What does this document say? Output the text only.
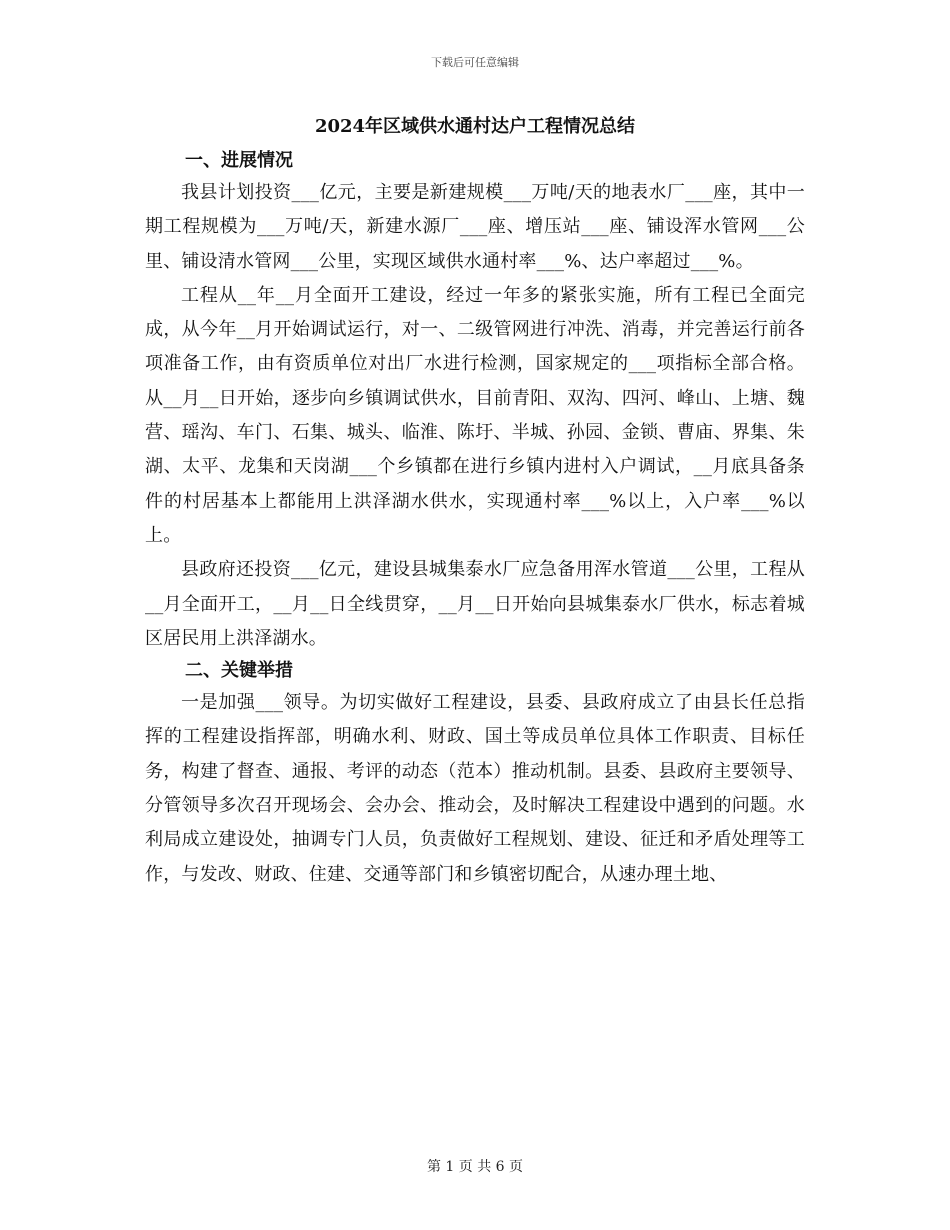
下载后可任意编辑
2024年区域供水通村达户工程情况总结
一、进展情况

我县计划投资___亿元，主要是新建规模___万吨/天的地表水厂___座，其中一期工程规模为___万吨/天，新建水源厂___座、增压站___座、铺设浑水管网___公里、铺设清水管网___公里，实现区域供水通村率___%、达户率超过___%。

工程从__年__月全面开工建设，经过一年多的紧张实施，所有工程已全面完成，从今年__月开始调试运行，对一、二级管网进行冲洗、消毒，并完善运行前各项准备工作，由有资质单位对出厂水进行检测，国家规定的___项指标全部合格。从__月__日开始，逐步向乡镇调试供水，目前青阳、双沟、四河、峰山、上塘、魏营、瑶沟、车门、石集、城头、临淮、陈圩、半城、孙园、金锁、曹庙、界集、朱湖、太平、龙集和天岗湖___个乡镇都在进行乡镇内进村入户调试，__月底具备条件的村居基本上都能用上洪泽湖水供水，实现通村率___%以上，入户率___%以上。

县政府还投资___亿元，建设县城集泰水厂应急备用浑水管道___公里，工程从__月全面开工，__月__日全线贯穿，__月__日开始向县城集泰水厂供水，标志着城区居民用上洪泽湖水。

二、关键举措

一是加强___领导。为切实做好工程建设，县委、县政府成立了由县长任总指挥的工程建设指挥部，明确水利、财政、国土等成员单位具体工作职责、目标任务，构建了督查、通报、考评的动态（范本）推动机制。县委、县政府主要领导、分管领导多次召开现场会、会办会、推动会，及时解决工程建设中遇到的问题。水利局成立建设处，抽调专门人员，负责做好工程规划、建设、征迁和矛盾处理等工作，与发改、财政、住建、交通等部门和乡镇密切配合，从速办理土地、

第 1 页 共 6 页
